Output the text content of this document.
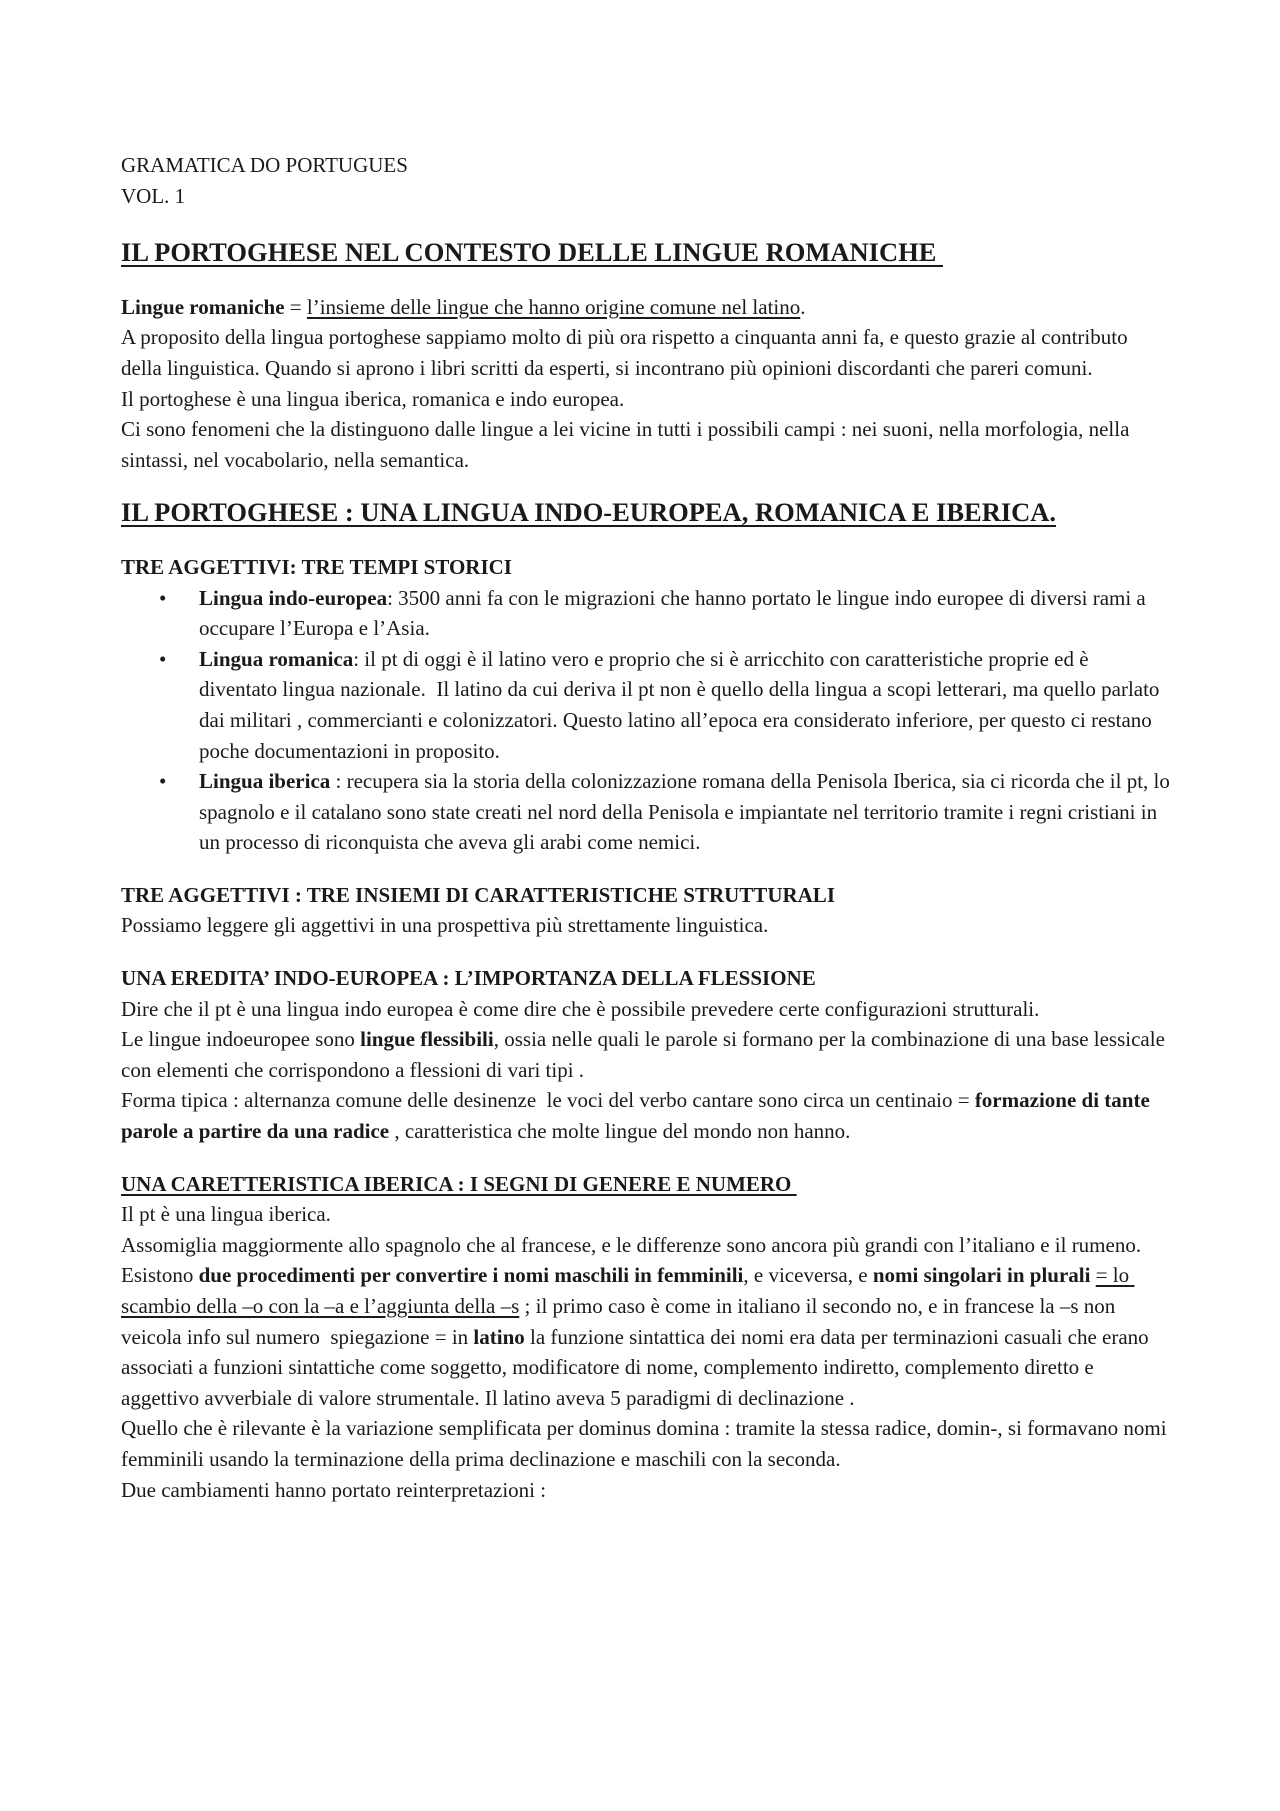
GRAMATICA DO PORTUGUES

VOL. 1

IL PORTOGHESE NEL CONTESTO DELLE LINGUE ROMANICHE

Lingue romaniche = l’insieme delle lingue che hanno origine comune nel latino.

A proposito della lingua portoghese sappiamo molto di più ora rispetto a cinquanta anni fa, e questo grazie al contributo della linguistica. Quando si aprono i libri scritti da esperti, si incontrano più opinioni discordanti che pareri comuni.

Il portoghese è una lingua iberica, romanica e indo europea.

Ci sono fenomeni che la distinguono dalle lingue a lei vicine in tutti i possibili campi : nei suoni, nella morfologia, nella sintassi, nel vocabolario, nella semantica.

IL PORTOGHESE : UNA LINGUA INDO-EUROPEA, ROMANICA E IBERICA.

TRE AGGETTIVI: TRE TEMPI STORICI

• Lingua indo-europea: 3500 anni fa con le migrazioni che hanno portato le lingue indo europee di diversi rami a occupare l’Europa e l’Asia.
• Lingua romanica: il pt di oggi è il latino vero e proprio che si è arricchito con caratteristiche proprie ed è diventato lingua nazionale.  Il latino da cui deriva il pt non è quello della lingua a scopi letterari, ma quello parlato dai militari , commercianti e colonizzatori. Questo latino all’epoca era considerato inferiore, per questo ci restano poche documentazioni in proposito.
• Lingua iberica : recupera sia la storia della colonizzazione romana della Penisola Iberica, sia ci ricorda che il pt, lo spagnolo e il catalano sono state creati nel nord della Penisola e impiantate nel territorio tramite i regni cristiani in un processo di riconquista che aveva gli arabi come nemici.

TRE AGGETTIVI : TRE INSIEMI DI CARATTERISTICHE STRUTTURALI

Possiamo leggere gli aggettivi in una prospettiva più strettamente linguistica.

UNA EREDITA’ INDO-EUROPEA : L’IMPORTANZA DELLA FLESSIONE

Dire che il pt è una lingua indo europea è come dire che è possibile prevedere certe configurazioni strutturali.

Le lingue indoeuropee sono lingue flessibili, ossia nelle quali le parole si formano per la combinazione di una base lessicale con elementi che corrispondono a flessioni di vari tipi .

Forma tipica : alternanza comune delle desinenze  le voci del verbo cantare sono circa un centinaio = formazione di tante parole a partire da una radice , caratteristica che molte lingue del mondo non hanno.

UNA CARETTERISTICA IBERICA : I SEGNI DI GENERE E NUMERO

Il pt è una lingua iberica.

Assomiglia maggiormente allo spagnolo che al francese, e le differenze sono ancora più grandi con l’italiano e il rumeno.

Esistono due procedimenti per convertire i nomi maschili in femminili, e viceversa, e nomi singolari in plurali = lo scambio della –o con la –a e l’aggiunta della –s ; il primo caso è come in italiano il secondo no, e in francese la –s non veicola info sul numero  spiegazione = in latino la funzione sintattica dei nomi era data per terminazioni casuali che erano associati a funzioni sintattiche come soggetto, modificatore di nome, complemento indiretto, complemento diretto e aggettivo avverbiale di valore strumentale. Il latino aveva 5 paradigmi di declinazione .

Quello che è rilevante è la variazione semplificata per dominus domina : tramite la stessa radice, domin-, si formavano nomi femminili usando la terminazione della prima declinazione e maschili con la seconda.

Due cambiamenti hanno portato reinterpretazioni :
